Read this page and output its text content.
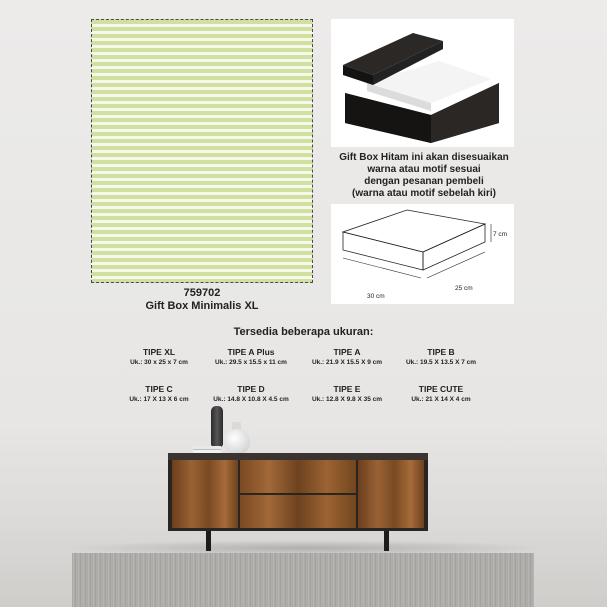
759702
Gift Box Minimalis XL
Gift Box Hitam ini akan disesuaikan
warna atau motif sesuai
dengan pesanan pembeli
(warna atau motif sebelah kiri)
30 cm
25 cm
7 cm
Tersedia beberapa ukuran:
TIPE XL
Uk.: 30 x 25 x 7 cm
TIPE A Plus
Uk.: 29.5 x 15.5 x 11 cm
TIPE A
Uk.: 21.9 X 15.5 X 9 cm
TIPE B
Uk.: 19.5 X 13.5 X 7 cm
TIPE C
Uk.: 17 X 13 X 6 cm
TIPE D
Uk.: 14.8 X 10.8 X 4.5 cm
TIPE E
Uk.: 12.8 X 9.8 X 35 cm
TIPE CUTE
Uk.: 21 X 14 X 4 cm
